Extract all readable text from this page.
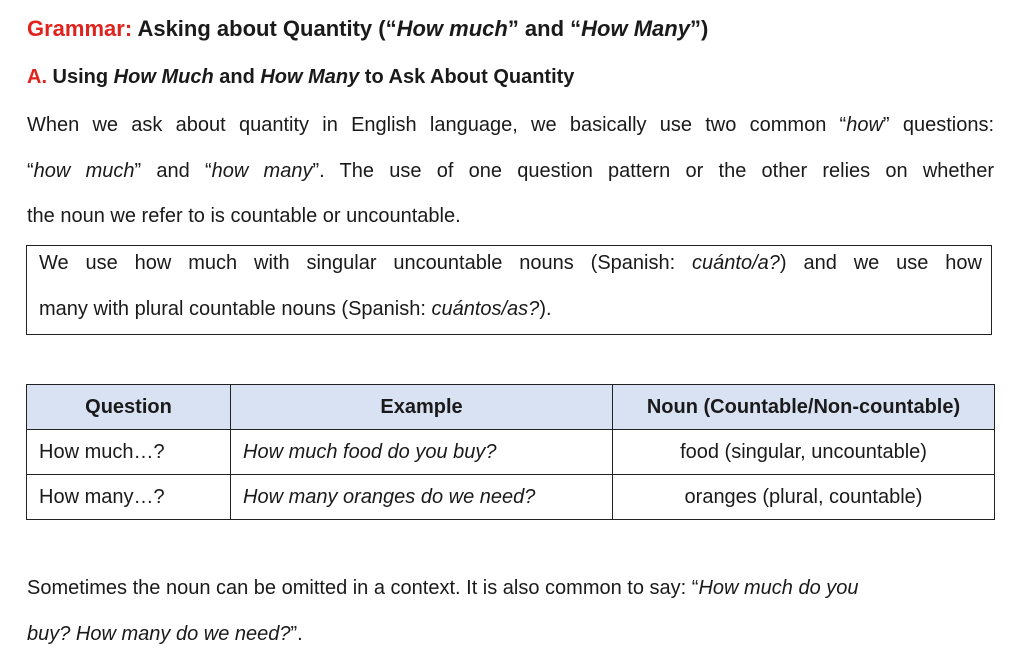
Grammar: Asking about Quantity (“How much” and “How Many”)
A. Using How Much and How Many to Ask About Quantity
When we ask about quantity in English language, we basically use two common “how” questions:
“how much” and “how many”. The use of one question pattern or the other relies on whether
the noun we refer to is countable or uncountable.
We use how much with singular uncountable nouns (Spanish: cuánto/a?) and we use how
many with plural countable nouns (Spanish: cuántos/as?).
Question	Example	Noun (Countable/Non-countable)
How much…?	How much food do you buy?	food (singular, uncountable)
How many…?	How many oranges do we need?	oranges (plural, countable)
Sometimes the noun can be omitted in a context. It is also common to say: “How much do you
buy? How many do we need?”.
